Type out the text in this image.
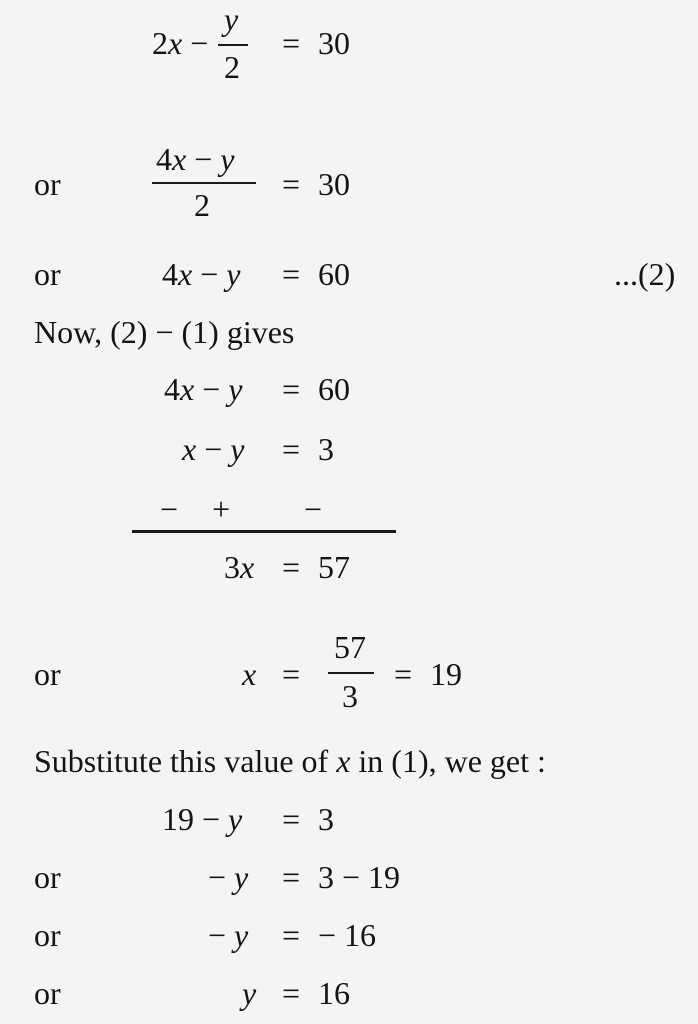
2x −
y
2
= 30
or
4x − y
2
= 30
or	4x − y = 60	...(2)
Now, (2) − (1) gives
4x − y = 60
x − y = 3
− + −
3x = 57
or	x =
57
3
= 19
Substitute this value of x in (1), we get :
19 − y = 3
or	− y = 3 − 19
or	− y = − 16
or	y = 16
